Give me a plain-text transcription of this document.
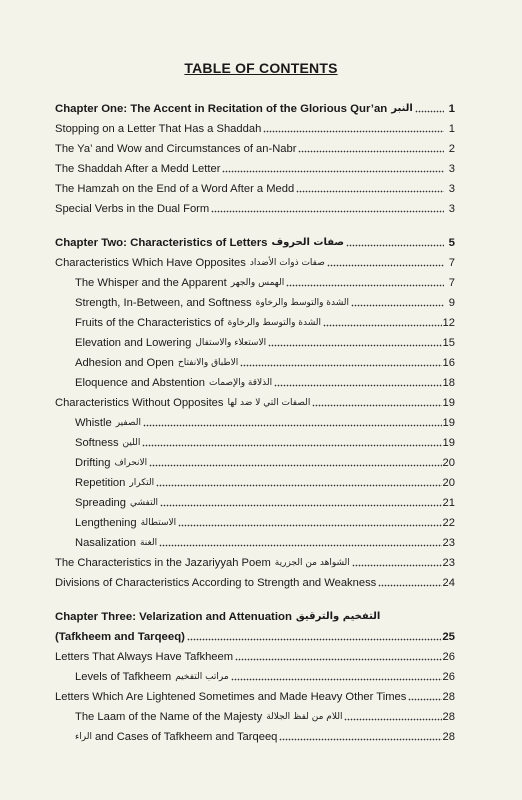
TABLE OF CONTENTS
Chapter One: The Accent in Recitation of the Glorious Qur’an النبر	1
Stopping on a Letter That Has a Shaddah	1
The Ya’ and Wow and Circumstances of an-Nabr	2
The Shaddah After a Medd Letter	3
The Hamzah on the End of a Word After a Medd	3
Special Verbs in the Dual Form	3
Chapter Two: Characteristics of Letters صفات الحروف	5
Characteristics Which Have Opposites صفات ذوات الأضداد	7
The Whisper and the Apparent الهمس والجهر	7
Strength, In-Between, and Softness الشدة والتوسط والرخاوة	9
Fruits of the Characteristics of الشدة والتوسط والرخاوة	12
Elevation and Lowering الاستعلاء والاستفال	15
Adhesion and Open الاطباق والانفتاح	16
Eloquence and Abstention الذلاقة والإصمات	18
Characteristics Without Opposites الصفات التي لا ضد لها	19
Whistle الصفير	19
Softness اللين	19
Drifting الانحراف	20
Repetition التكرار	20
Spreading التفشي	21
Lengthening الاستطالة	22
Nasalization الغنة	23
The Characteristics in the Jazariyyah Poem الشواهد من الجزرية	23
Divisions of Characteristics According to Strength and Weakness	24
Chapter Three: Velarization and Attenuation التفخيم والترقيق
(Tafkheem and Tarqeeq)	25
Letters That Always Have Tafkheem	26
Levels of Tafkheem مراتب التفخيم	26
Letters Which Are Lightened Sometimes and Made Heavy Other Times	28
The Laam of the Name of the Majesty اللام من لفظ الجلالة	28
الراء and Cases of Tafkheem and Tarqeeq	28
